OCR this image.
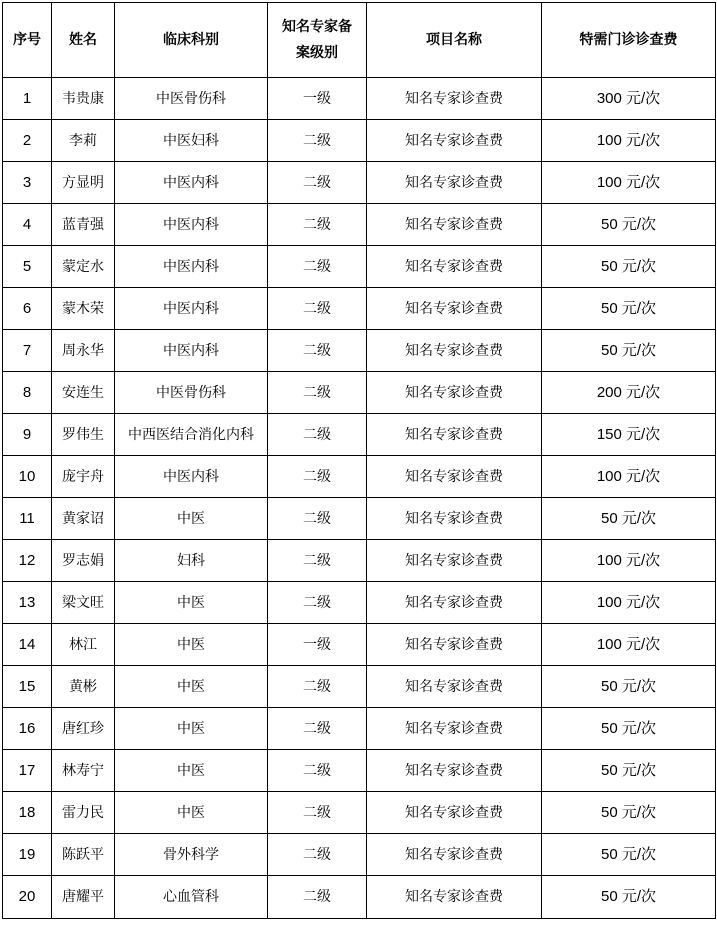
序号	姓名	临床科别	知名专家备案级别	项目名称	特需门诊诊查费
1	韦贵康	中医骨伤科	一级	知名专家诊查费	300 元/次
2	李莉	中医妇科	二级	知名专家诊查费	100 元/次
3	方显明	中医内科	二级	知名专家诊查费	100 元/次
4	蓝青强	中医内科	二级	知名专家诊查费	50 元/次
5	蒙定水	中医内科	二级	知名专家诊查费	50 元/次
6	蒙木荣	中医内科	二级	知名专家诊查费	50 元/次
7	周永华	中医内科	二级	知名专家诊查费	50 元/次
8	安连生	中医骨伤科	二级	知名专家诊查费	200 元/次
9	罗伟生	中西医结合消化内科	二级	知名专家诊查费	150 元/次
10	庞宇舟	中医内科	二级	知名专家诊查费	100 元/次
11	黄家诏	中医	二级	知名专家诊查费	50 元/次
12	罗志娟	妇科	二级	知名专家诊查费	100 元/次
13	梁文旺	中医	二级	知名专家诊查费	100 元/次
14	林江	中医	一级	知名专家诊查费	100 元/次
15	黄彬	中医	二级	知名专家诊查费	50 元/次
16	唐红珍	中医	二级	知名专家诊查费	50 元/次
17	林寿宁	中医	二级	知名专家诊查费	50 元/次
18	雷力民	中医	二级	知名专家诊查费	50 元/次
19	陈跃平	骨外科学	二级	知名专家诊查费	50 元/次
20	唐耀平	心血管科	二级	知名专家诊查费	50 元/次
